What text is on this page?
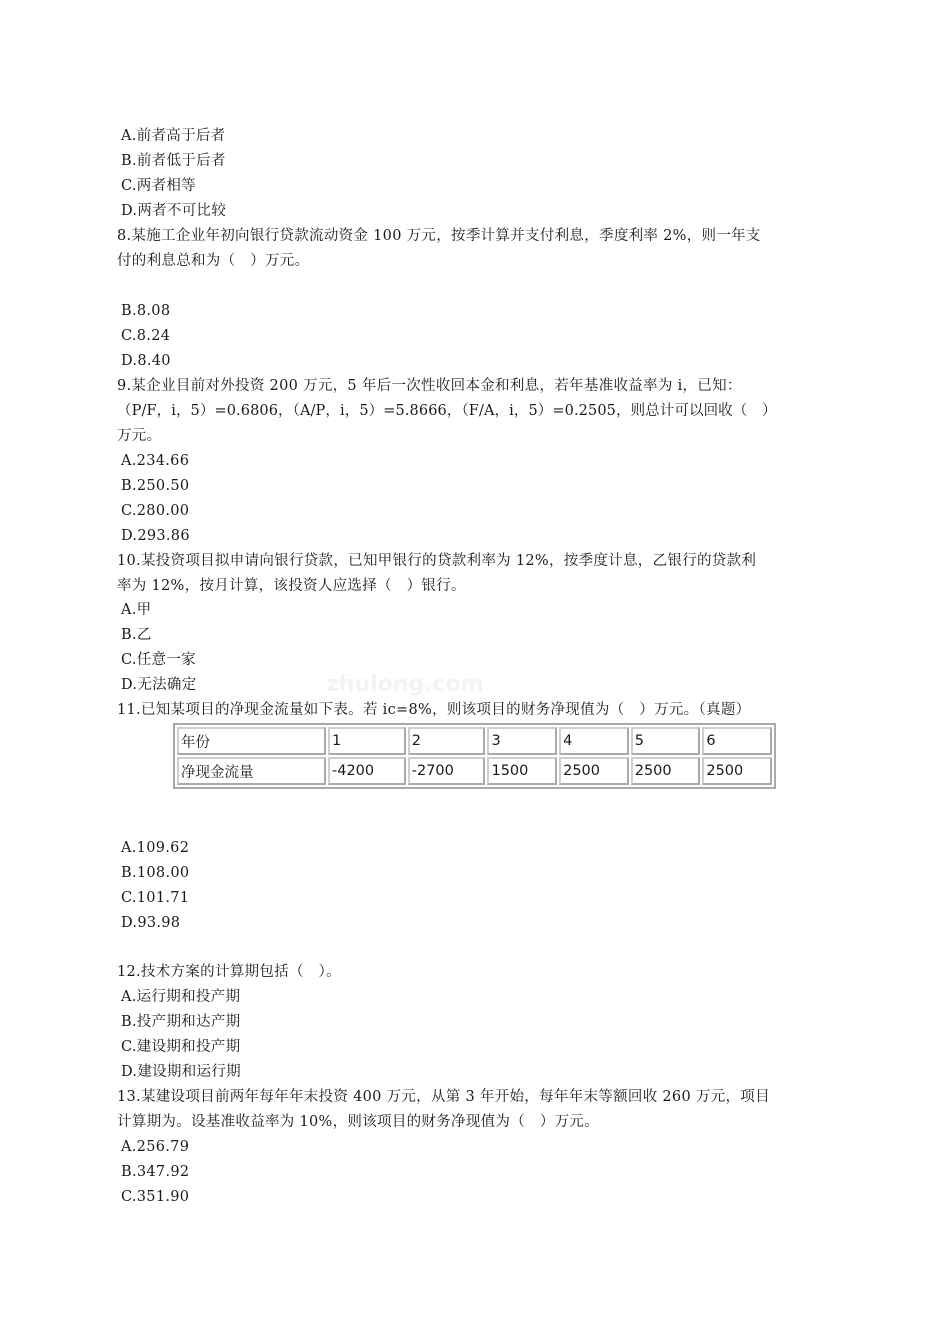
zhulong.com
A.前者高于后者
B.前者低于后者
C.两者相等
D.两者不可比较
8.某施工企业年初向银行贷款流动资金 100 万元，按季计算并支付利息，季度利率 2%，则一年支
付的利息总和为（　）万元。
B.8.08
C.8.24
D.8.40
9.某企业目前对外投资 200 万元，5 年后一次性收回本金和利息，若年基准收益率为 i，已知：
（P/F，i，5）=0.6806，（A/P，i，5）=5.8666，（F/A，i，5）=0.2505，则总计可以回收（　）
万元。
A.234.66
B.250.50
C.280.00
D.293.86
10.某投资项目拟申请向银行贷款，已知甲银行的贷款利率为 12%，按季度计息，乙银行的贷款利
率为 12%，按月计算，该投资人应选择（　）银行。
A.甲
B.乙
C.任意一家
D.无法确定
11.已知某项目的净现金流量如下表。若 ic=8%，则该项目的财务净现值为（　）万元。（真题）
年份	1	2	3	4	5	6
净现金流量	-4200	-2700	1500	2500	2500	2500
A.109.62
B.108.00
C.101.71
D.93.98
12.技术方案的计算期包括（　）。
A.运行期和投产期
B.投产期和达产期
C.建设期和投产期
D.建设期和运行期
13.某建设项目前两年每年年末投资 400 万元，从第 3 年开始，每年年末等额回收 260 万元，项目
计算期为。设基准收益率为 10%，则该项目的财务净现值为（　）万元。
A.256.79
B.347.92
C.351.90
